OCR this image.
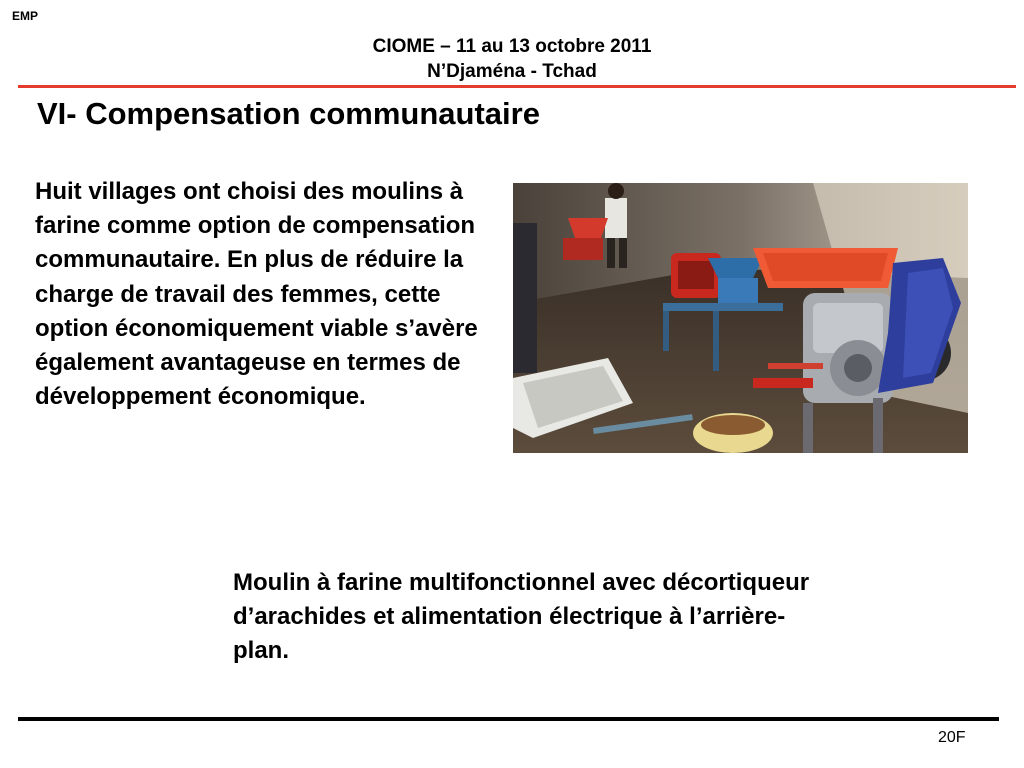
EMP
CIOME – 11 au 13 octobre 2011
N’Djaména - Tchad
VI- Compensation communautaire
Huit villages ont choisi des moulins à farine comme option de compensation communautaire. En plus de réduire la charge de travail des femmes, cette option économiquement viable s’avère également avantageuse en termes de développement économique.
Moulin à farine multifonctionnel avec décortiqueur d’arachides et alimentation électrique à l’arrière-plan.
20F
